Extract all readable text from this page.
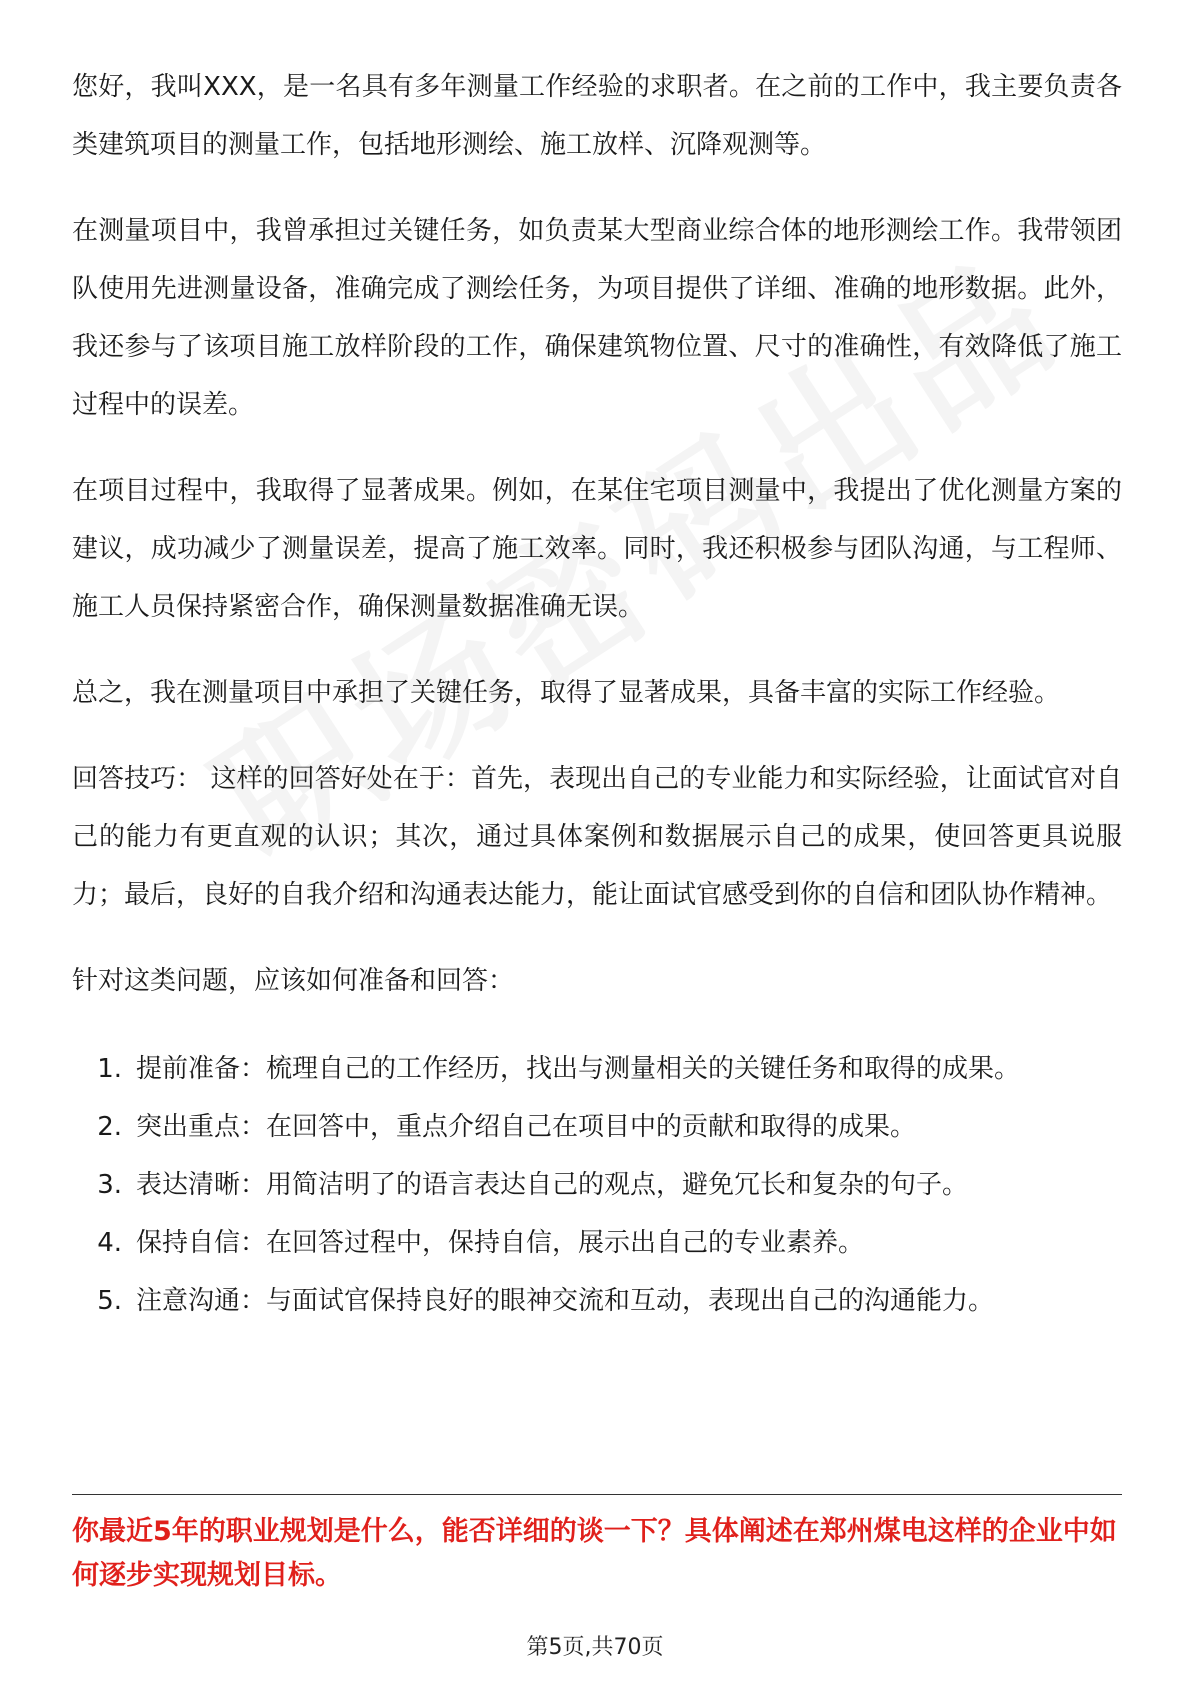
您好，我叫XXX，是一名具有多年测量工作经验的求职者。在之前的工作中，我主要负责各类建筑项目的测量工作，包括地形测绘、施工放样、沉降观测等。

在测量项目中，我曾承担过关键任务，如负责某大型商业综合体的地形测绘工作。我带领团队使用先进测量设备，准确完成了测绘任务，为项目提供了详细、准确的地形数据。此外，我还参与了该项目施工放样阶段的工作，确保建筑物位置、尺寸的准确性，有效降低了施工过程中的误差。

在项目过程中，我取得了显著成果。例如，在某住宅项目测量中，我提出了优化测量方案的建议，成功减少了测量误差，提高了施工效率。同时，我还积极参与团队沟通，与工程师、施工人员保持紧密合作，确保测量数据准确无误。

总之，我在测量项目中承担了关键任务，取得了显著成果，具备丰富的实际工作经验。

回答技巧： 这样的回答好处在于：首先，表现出自己的专业能力和实际经验，让面试官对自己的能力有更直观的认识；其次，通过具体案例和数据展示自己的成果，使回答更具说服力；最后，良好的自我介绍和沟通表达能力，能让面试官感受到你的自信和团队协作精神。

针对这类问题，应该如何准备和回答：

1. 提前准备：梳理自己的工作经历，找出与测量相关的关键任务和取得的成果。
2. 突出重点：在回答中，重点介绍自己在项目中的贡献和取得的成果。
3. 表达清晰：用简洁明了的语言表达自己的观点，避免冗长和复杂的句子。
4. 保持自信：在回答过程中，保持自信，展示出自己的专业素养。
5. 注意沟通：与面试官保持良好的眼神交流和互动，表现出自己的沟通能力。
你最近5年的职业规划是什么，能否详细的谈一下？具体阐述在郑州煤电这样的企业中如何逐步实现规划目标。
第5页,共70页
